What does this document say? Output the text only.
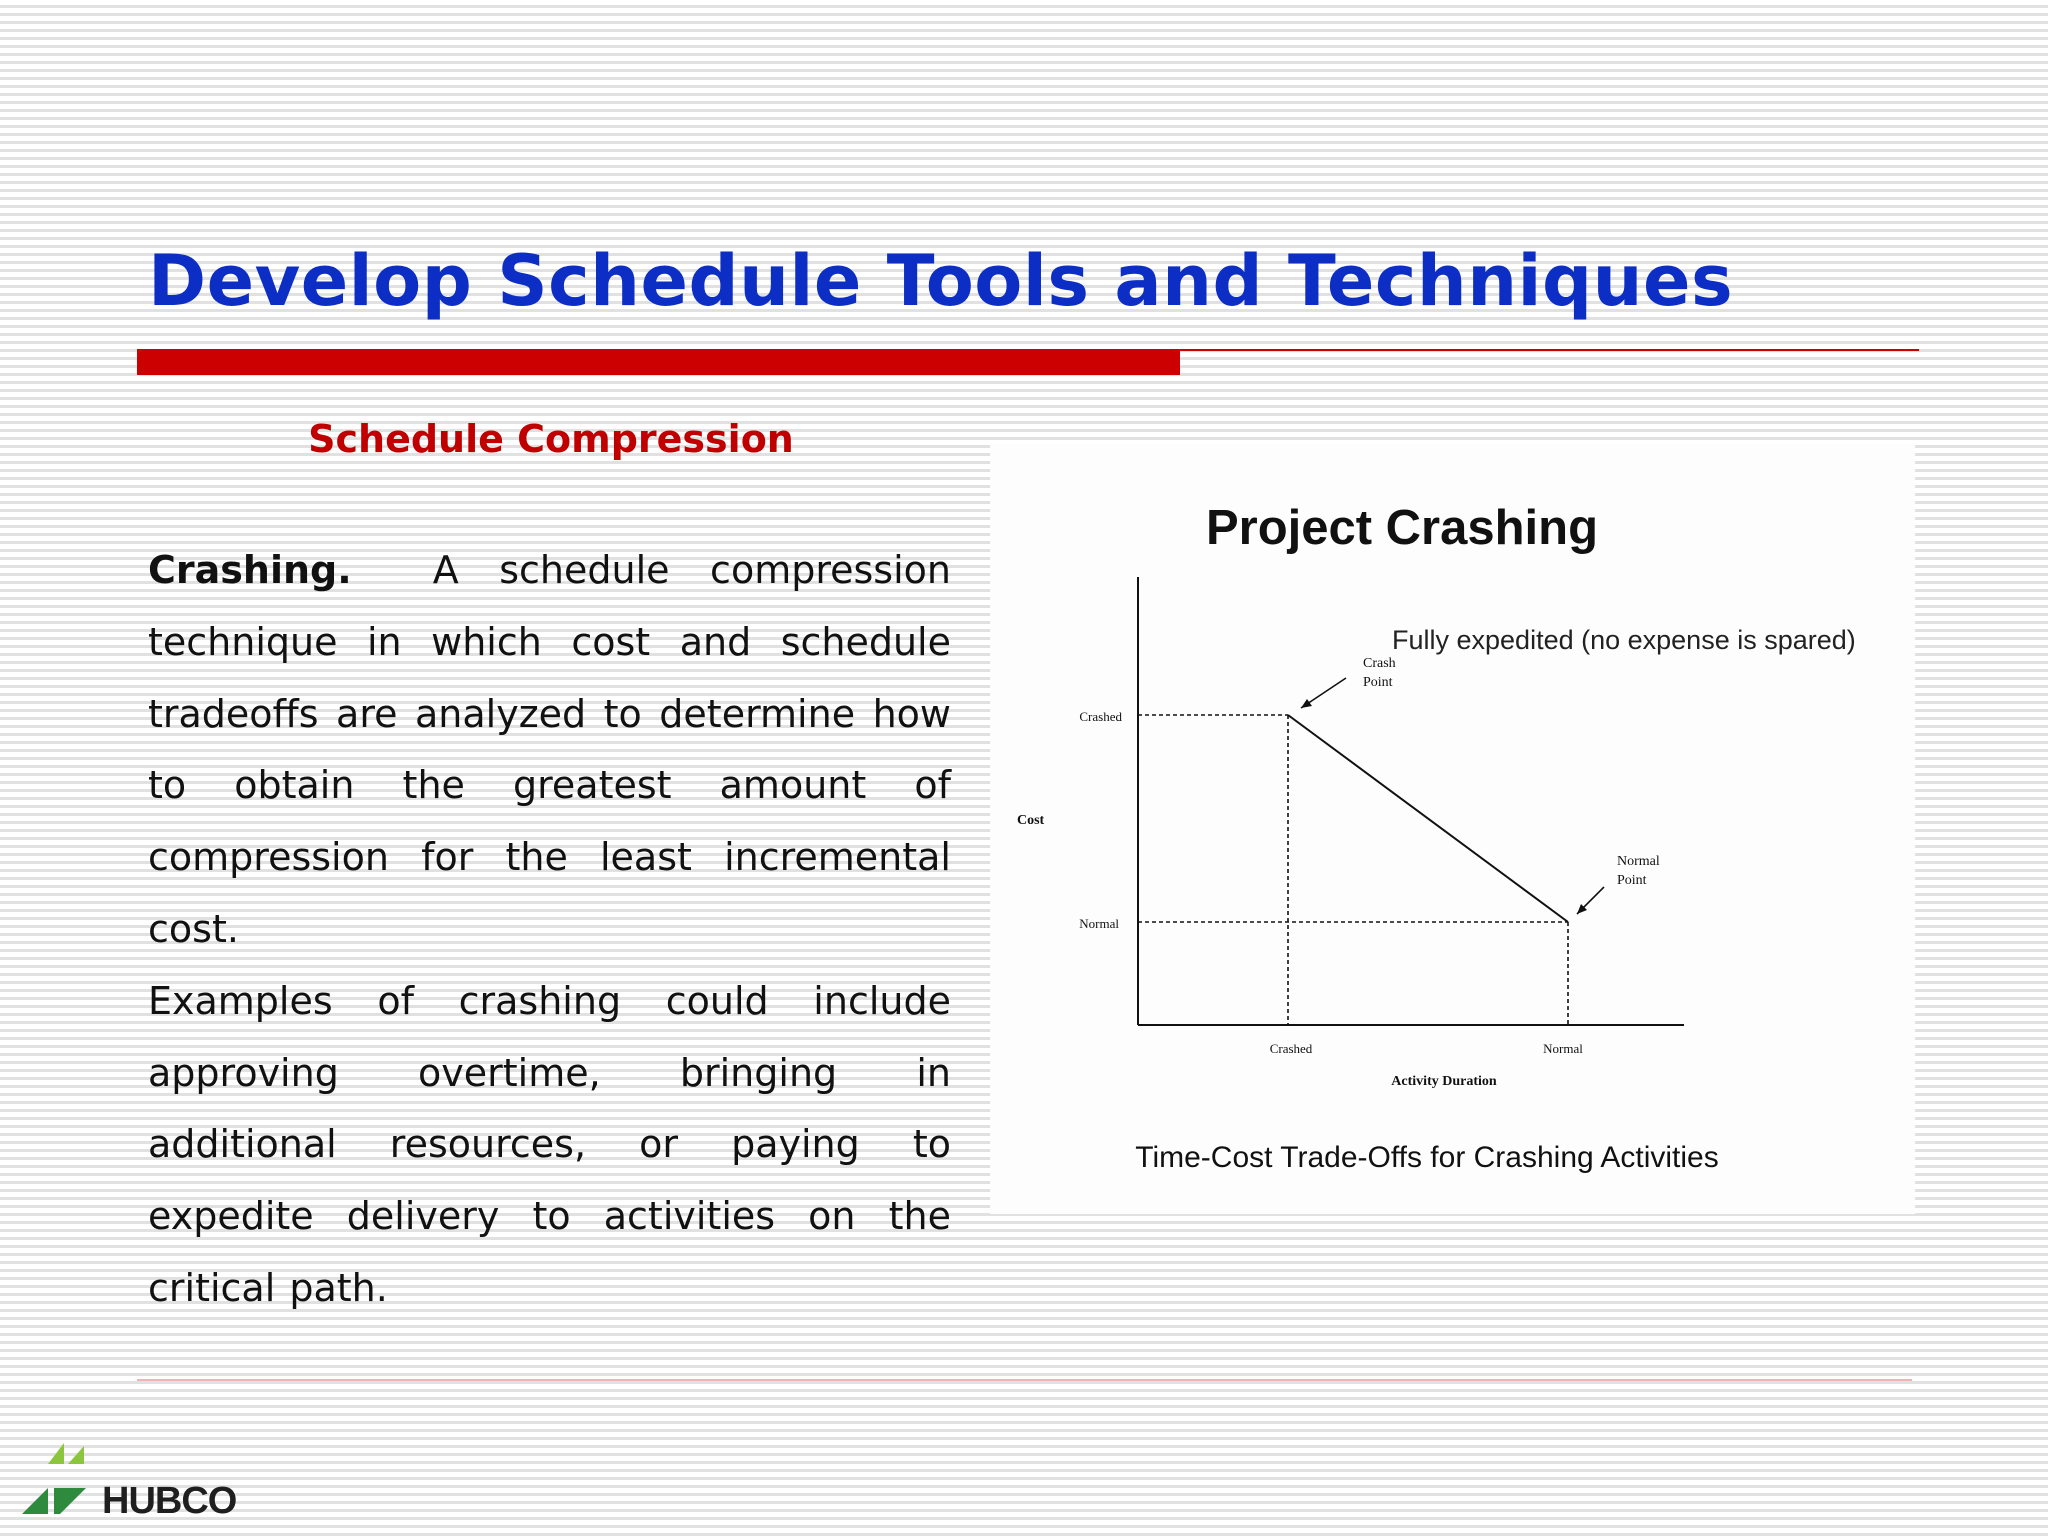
Develop Schedule Tools and Techniques
Schedule Compression

Crashing. A schedule compression technique in which cost and schedule tradeoffs are analyzed to determine how to obtain the greatest amount of compression for the least incremental cost.

Examples of crashing could include approving overtime, bringing in additional resources, or paying to expedite delivery to activities on the critical path.

Project Crashing
Crashed
Normal
Cost
Crashed	Normal
Activity Duration
Fully expedited (no expense is spared)
Crash Point
Normal Point
Time-Cost Trade-Offs for Crashing Activities
HUBCO
